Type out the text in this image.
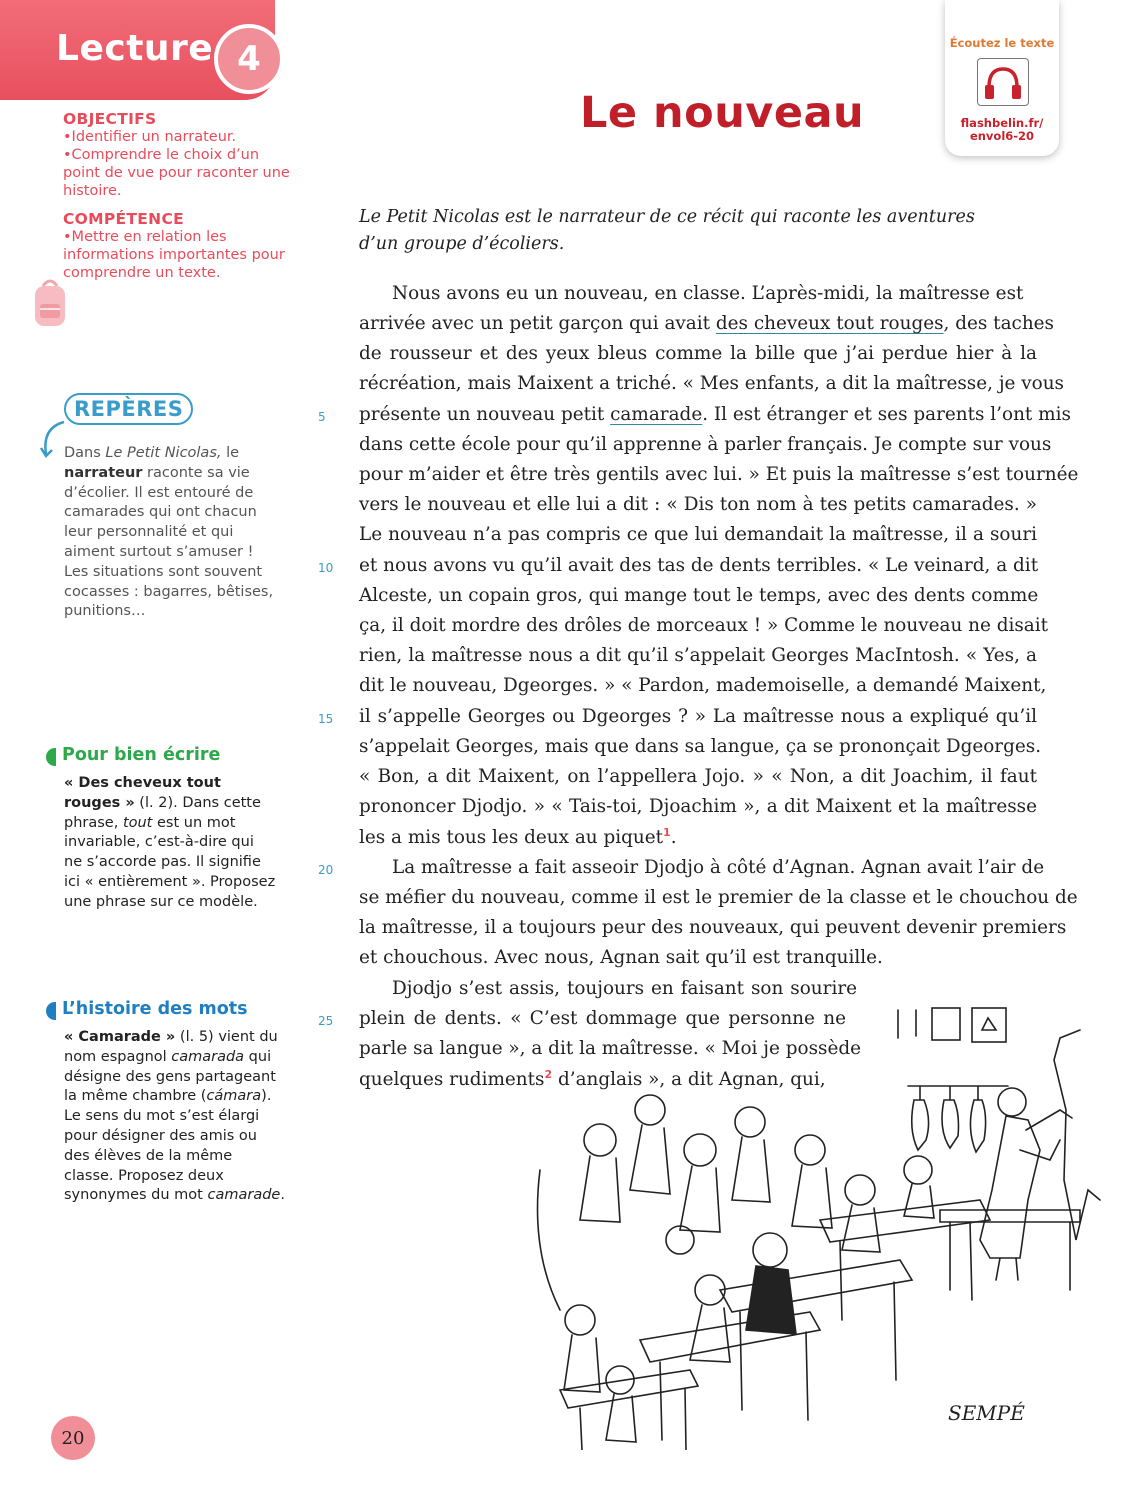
Lecture 4
OBJECTIFS
•Identifier un narrateur.
•Comprendre le choix d’un point de vue pour raconter une histoire.
COMPÉTENCE
•Mettre en relation les informations importantes pour comprendre un texte.
REPÈRES
Dans Le Petit Nicolas, le narrateur raconte sa vie d’écolier. Il est entouré de camarades qui ont chacun leur personnalité et qui aiment surtout s’amuser ! Les situations sont souvent cocasses : bagarres, bêtises, punitions…
Pour bien écrire
« Des cheveux tout rouges » (l. 2). Dans cette phrase, tout est un mot invariable, c’est-à-dire qui ne s’accorde pas. Il signifie ici « entièrement ». Proposez une phrase sur ce modèle.
L’histoire des mots
« Camarade » (l. 5) vient du nom espagnol camarada qui désigne des gens partageant la même chambre (cámara). Le sens du mot s’est élargi pour désigner des amis ou des élèves de la même classe. Proposez deux synonymes du mot camarade.
Écoutez le texte
flashbelin.fr/
envol6-20
Le nouveau
Le Petit Nicolas est le narrateur de ce récit qui raconte les aventures d’un groupe d’écoliers.
Nous avons eu un nouveau, en classe. L’après-midi, la maîtresse est
arrivée avec un petit garçon qui avait des cheveux tout rouges, des taches
de rousseur et des yeux bleus comme la bille que j’ai perdue hier à la
récréation, mais Maixent a triché. « Mes enfants, a dit la maîtresse, je vous
présente un nouveau petit camarade. Il est étranger et ses parents l’ont mis
dans cette école pour qu’il apprenne à parler français. Je compte sur vous
pour m’aider et être très gentils avec lui. » Et puis la maîtresse s’est tournée
vers le nouveau et elle lui a dit : « Dis ton nom à tes petits camarades. »
Le nouveau n’a pas compris ce que lui demandait la maîtresse, il a souri
et nous avons vu qu’il avait des tas de dents terribles. « Le veinard, a dit
Alceste, un copain gros, qui mange tout le temps, avec des dents comme
ça, il doit mordre des drôles de morceaux ! » Comme le nouveau ne disait
rien, la maîtresse nous a dit qu’il s’appelait Georges MacIntosh. « Yes, a
dit le nouveau, Dgeorges. » « Pardon, mademoiselle, a demandé Maixent,
il s’appelle Georges ou Dgeorges ? » La maîtresse nous a expliqué qu’il
s’appelait Georges, mais que dans sa langue, ça se prononçait Dgeorges.
« Bon, a dit Maixent, on l’appellera Jojo. » « Non, a dit Joachim, il faut
prononcer Djodjo. » « Tais-toi, Djoachim », a dit Maixent et la maîtresse
les a mis tous les deux au piquet$^1$.
La maîtresse a fait asseoir Djodjo à côté d’Agnan. Agnan avait l’air de
se méfier du nouveau, comme il est le premier de la classe et le chouchou de
la maîtresse, il a toujours peur des nouveaux, qui peuvent devenir premiers
et chouchous. Avec nous, Agnan sait qu’il est tranquille.
Djodjo s’est assis, toujours en faisant son sourire
plein de dents. « C’est dommage que personne ne
parle sa langue », a dit la maîtresse. « Moi je possède
quelques rudiments$^2$ d’anglais », a dit Agnan, qui,
5
10
15
20
25
SEMPÉ
20
